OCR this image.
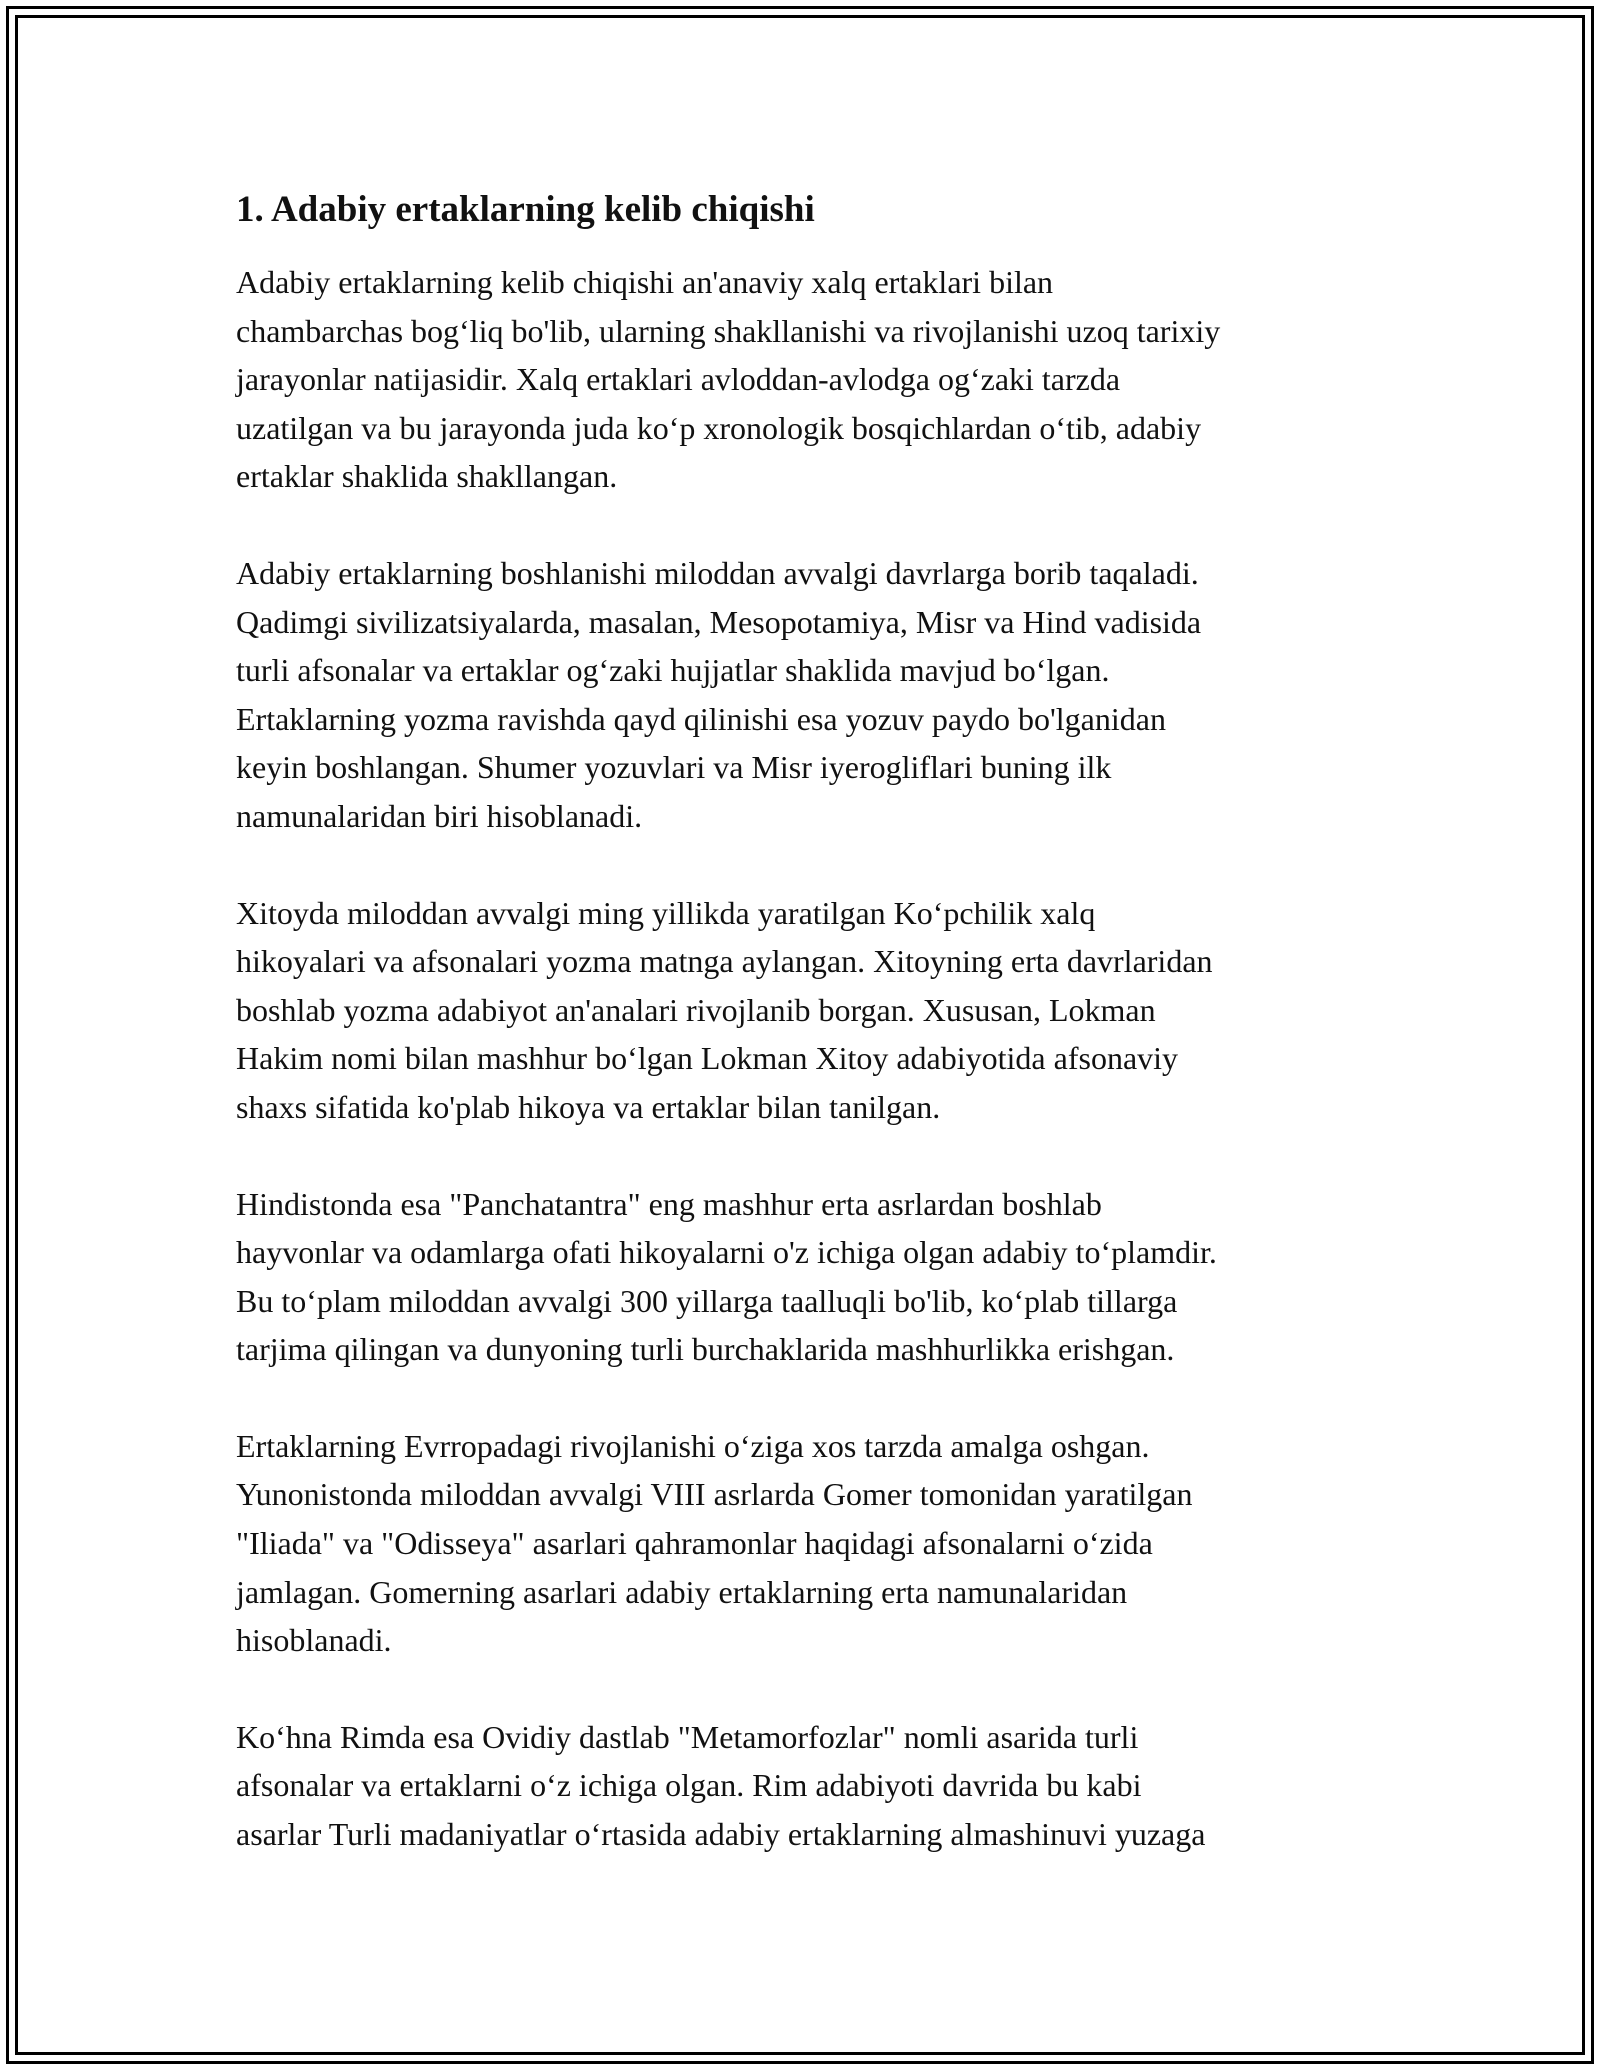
1. Adabiy ertaklarning kelib chiqishi

Adabiy ertaklarning kelib chiqishi an'anaviy xalq ertaklari bilan
chambarchas bog‘liq bo'lib, ularning shakllanishi va rivojlanishi uzoq tarixiy
jarayonlar natijasidir. Xalq ertaklari avloddan-avlodga og‘zaki tarzda
uzatilgan va bu jarayonda juda ko‘p xronologik bosqichlardan o‘tib, adabiy
ertaklar shaklida shakllangan.

Adabiy ertaklarning boshlanishi miloddan avvalgi davrlarga borib taqaladi.
Qadimgi sivilizatsiyalarda, masalan, Mesopotamiya, Misr va Hind vadisida
turli afsonalar va ertaklar og‘zaki hujjatlar shaklida mavjud bo‘lgan.
Ertaklarning yozma ravishda qayd qilinishi esa yozuv paydo bo'lganidan
keyin boshlangan. Shumer yozuvlari va Misr iyerogliflari buning ilk
namunalaridan biri hisoblanadi.

Xitoyda miloddan avvalgi ming yillikda yaratilgan Ko‘pchilik xalq
hikoyalari va afsonalari yozma matnga aylangan. Xitoyning erta davrlaridan
boshlab yozma adabiyot an'analari rivojlanib borgan. Xususan, Lokman
Hakim nomi bilan mashhur bo‘lgan Lokman Xitoy adabiyotida afsonaviy
shaxs sifatida ko'plab hikoya va ertaklar bilan tanilgan.

Hindistonda esa "Panchatantra" eng mashhur erta asrlardan boshlab
hayvonlar va odamlarga ofati hikoyalarni o'z ichiga olgan adabiy to‘plamdir.
Bu to‘plam miloddan avvalgi 300 yillarga taalluqli bo'lib, ko‘plab tillarga
tarjima qilingan va dunyoning turli burchaklarida mashhurlikka erishgan.

Ertaklarning Evrropadagi rivojlanishi o‘ziga xos tarzda amalga oshgan.
Yunonistonda miloddan avvalgi VIII asrlarda Gomer tomonidan yaratilgan
"Iliada" va "Odisseya" asarlari qahramonlar haqidagi afsonalarni o‘zida
jamlagan. Gomerning asarlari adabiy ertaklarning erta namunalaridan
hisoblanadi.

Ko‘hna Rimda esa Ovidiy dastlab "Metamorfozlar" nomli asarida turli
afsonalar va ertaklarni o‘z ichiga olgan. Rim adabiyoti davrida bu kabi
asarlar Turli madaniyatlar o‘rtasida adabiy ertaklarning almashinuvi yuzaga
